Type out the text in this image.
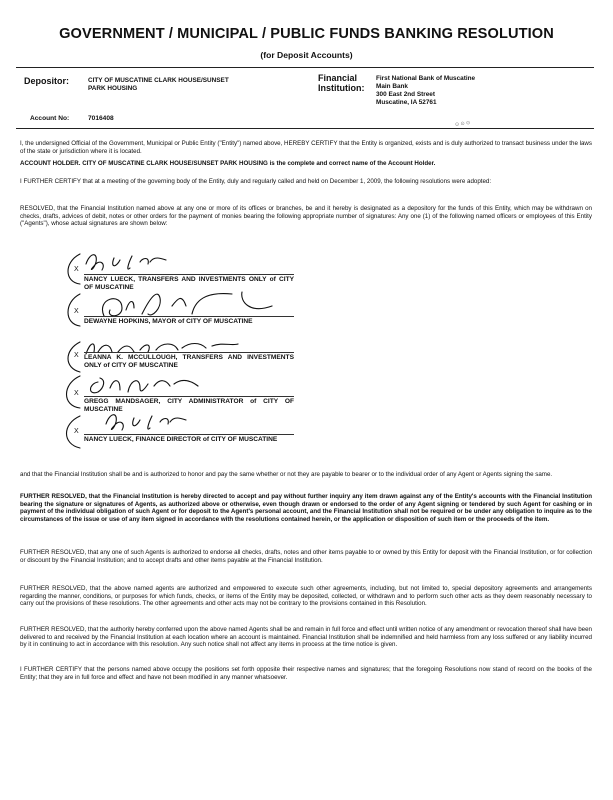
GOVERNMENT / MUNICIPAL / PUBLIC FUNDS BANKING RESOLUTION
(for Deposit Accounts)
Depositor:	CITY OF MUSCATINE CLARK HOUSE/SUNSET
PARK HOUSING
Financial
Institution:
First National Bank of Muscatine
Main Bank
300 East 2nd Street
Muscatine, IA 52761
Account No:	7016408
⊙ ⊙ ⊙
I, the undersigned Official of the Government, Municipal or Public Entity ("Entity") named above, HEREBY CERTIFY that the Entity is organized, exists and is duly authorized to transact business under the laws of the state or jurisdiction where it is located.
ACCOUNT HOLDER. CITY OF MUSCATINE CLARK HOUSE/SUNSET PARK HOUSING is the complete and correct name of the Account Holder.
I FURTHER CERTIFY that at a meeting of the governing body of the Entity, duly and regularly called and held on December 1, 2009, the following resolutions were adopted:
RESOLVED, that the Financial Institution named above at any one or more of its offices or branches, be and it hereby is designated as a depository for the funds of this Entity, which may be withdrawn on checks, drafts, advices of debit, notes or other orders for the payment of monies bearing the following appropriate number of signatures: Any one (1) of the following named officers or employees of this Entity ("Agents"), whose actual signatures are shown below:
X
NANCY LUECK, TRANSFERS AND INVESTMENTS ONLY of CITY OF MUSCATINE
X
DEWAYNE HOPKINS, MAYOR of CITY OF MUSCATINE
X LEANNA K. MCCULLOUGH, TRANSFERS AND INVESTMENTS ONLY of CITY OF MUSCATINE
X
GREGG MANDSAGER, CITY ADMINISTRATOR of CITY OF MUSCATINE
X
NANCY LUECK, FINANCE DIRECTOR of CITY OF MUSCATINE
and that the Financial Institution shall be and is authorized to honor and pay the same whether or not they are payable to bearer or to the individual order of any Agent or Agents signing the same.
FURTHER RESOLVED, that the Financial Institution is hereby directed to accept and pay without further inquiry any item drawn against any of the Entity's accounts with the Financial Institution bearing the signature or signatures of Agents, as authorized above or otherwise, even though drawn or endorsed to the order of any Agent signing or tendered by such Agent for cashing or in payment of the individual obligation of such Agent or for deposit to the Agent's personal account, and the Financial Institution shall not be required or be under any obligation to inquire as to the circumstances of the issue or use of any item signed in accordance with the resolutions contained herein, or the application or disposition of such item or the proceeds of the item.
FURTHER RESOLVED, that any one of such Agents is authorized to endorse all checks, drafts, notes and other items payable to or owned by this Entity for deposit with the Financial Institution, or for collection or discount by the Financial Institution; and to accept drafts and other items payable at the Financial Institution.
FURTHER RESOLVED, that the above named agents are authorized and empowered to execute such other agreements, including, but not limited to, special depository agreements and arrangements regarding the manner, conditions, or purposes for which funds, checks, or items of the Entity may be deposited, collected, or withdrawn and to perform such other acts as they deem reasonably necessary to carry out the provisions of these resolutions. The other agreements and other acts may not be contrary to the provisions contained in this Resolution.
FURTHER RESOLVED, that the authority hereby conferred upon the above named Agents shall be and remain in full force and effect until written notice of any amendment or revocation thereof shall have been delivered to and received by the Financial Institution at each location where an account is maintained. Financial Institution shall be indemnified and held harmless from any loss suffered or any liability incurred by it in continuing to act in accordance with this resolution. Any such notice shall not affect any items in process at the time notice is given.
I FURTHER CERTIFY that the persons named above occupy the positions set forth opposite their respective names and signatures; that the foregoing Resolutions now stand of record on the books of the Entity; that they are in full force and effect and have not been modified in any manner whatsoever.
